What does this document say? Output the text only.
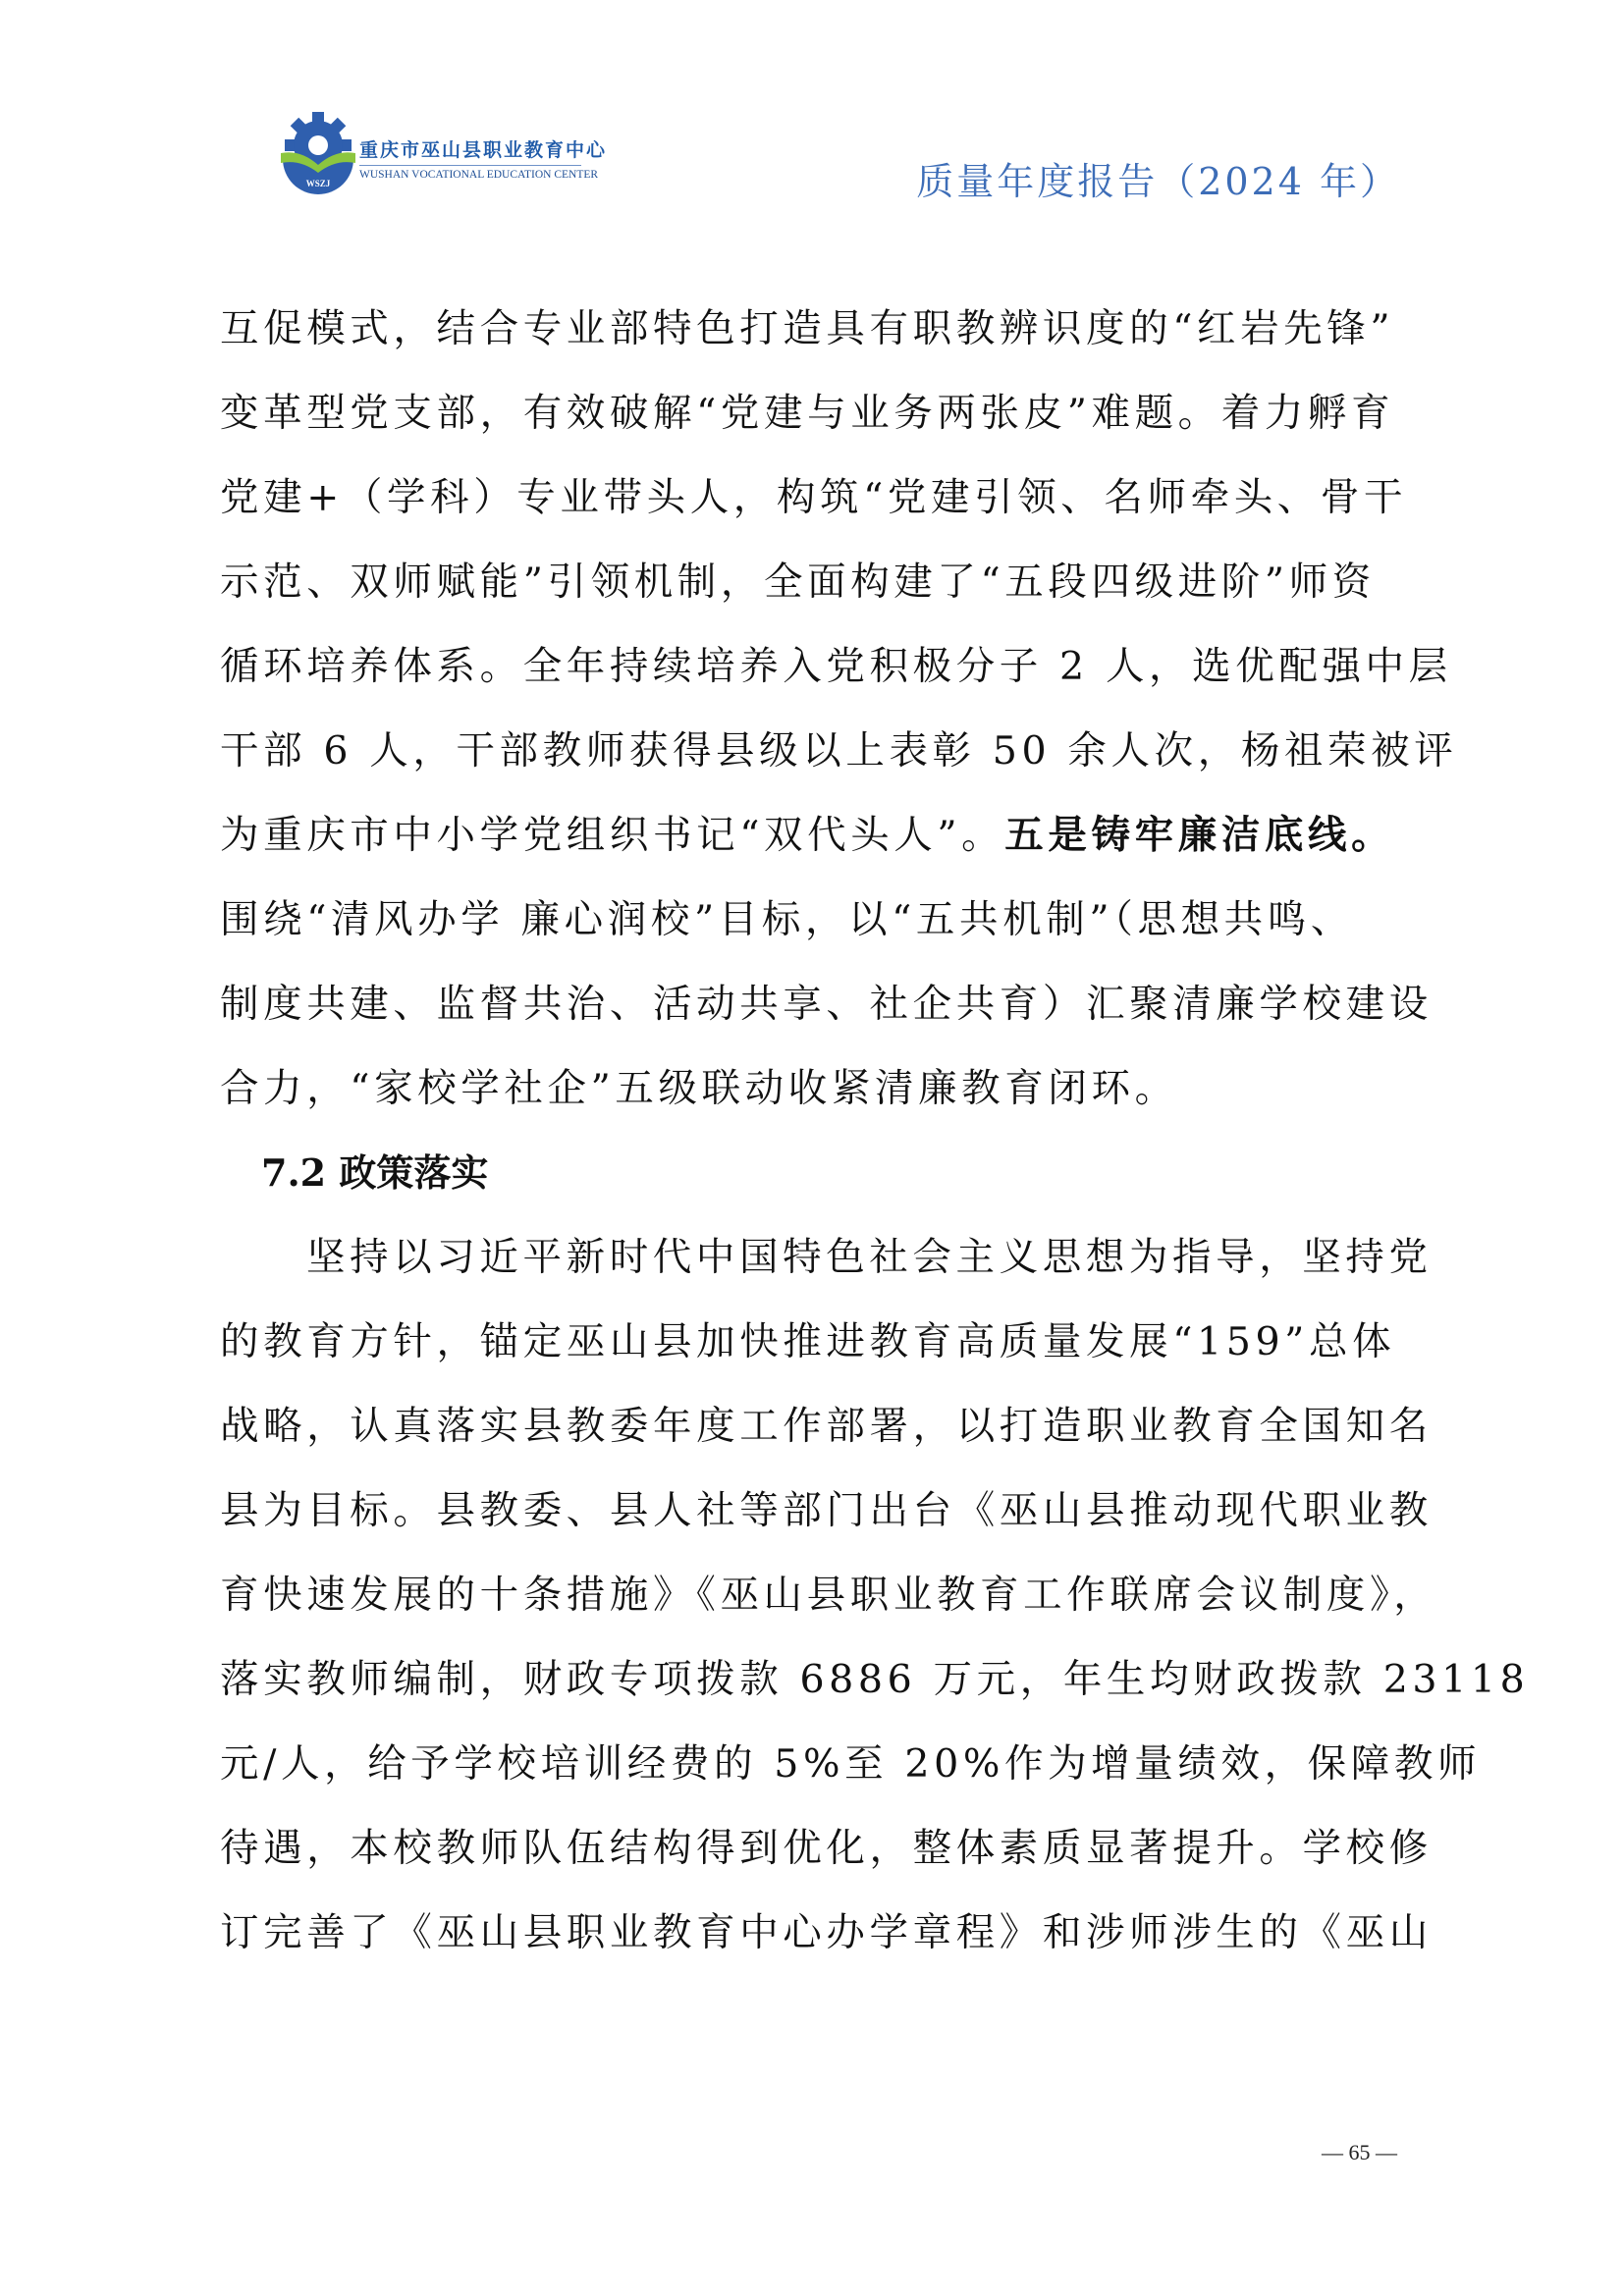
WSZJ
重庆市巫山县职业教育中心
WUSHAN VOCATIONAL EDUCATION CENTER	质量年度报告（2024 年）
互促模式，结合专业部特色打造具有职教辨识度的“红岩先锋”
变革型党支部，有效破解“党建与业务两张皮”难题。着力孵育
党建+（学科）专业带头人，构筑“党建引领、名师牵头、骨干
示范、双师赋能”引领机制，全面构建了“五段四级进阶”师资
循环培养体系。全年持续培养入党积极分子 2 人，选优配强中层
干部 6 人，干部教师获得县级以上表彰 50 余人次，杨祖荣被评
为重庆市中小学党组织书记“双代头人”。五是铸牢廉洁底线。
围绕“清风办学 廉心润校”目标，以“五共机制”（思想共鸣、
制度共建、监督共治、活动共享、社企共育）汇聚清廉学校建设
合力，“家校学社企”五级联动收紧清廉教育闭环。
7.2 政策落实
坚持以习近平新时代中国特色社会主义思想为指导，坚持党
的教育方针，锚定巫山县加快推进教育高质量发展“159”总体
战略，认真落实县教委年度工作部署，以打造职业教育全国知名
县为目标。县教委、县人社等部门出台《巫山县推动现代职业教
育快速发展的十条措施》《巫山县职业教育工作联席会议制度》，
落实教师编制，财政专项拨款 6886 万元，年生均财政拨款 23118
元/人，给予学校培训经费的 5%至 20%作为增量绩效，保障教师
待遇，本校教师队伍结构得到优化，整体素质显著提升。学校修
订完善了《巫山县职业教育中心办学章程》和涉师涉生的《巫山
— 65 —
